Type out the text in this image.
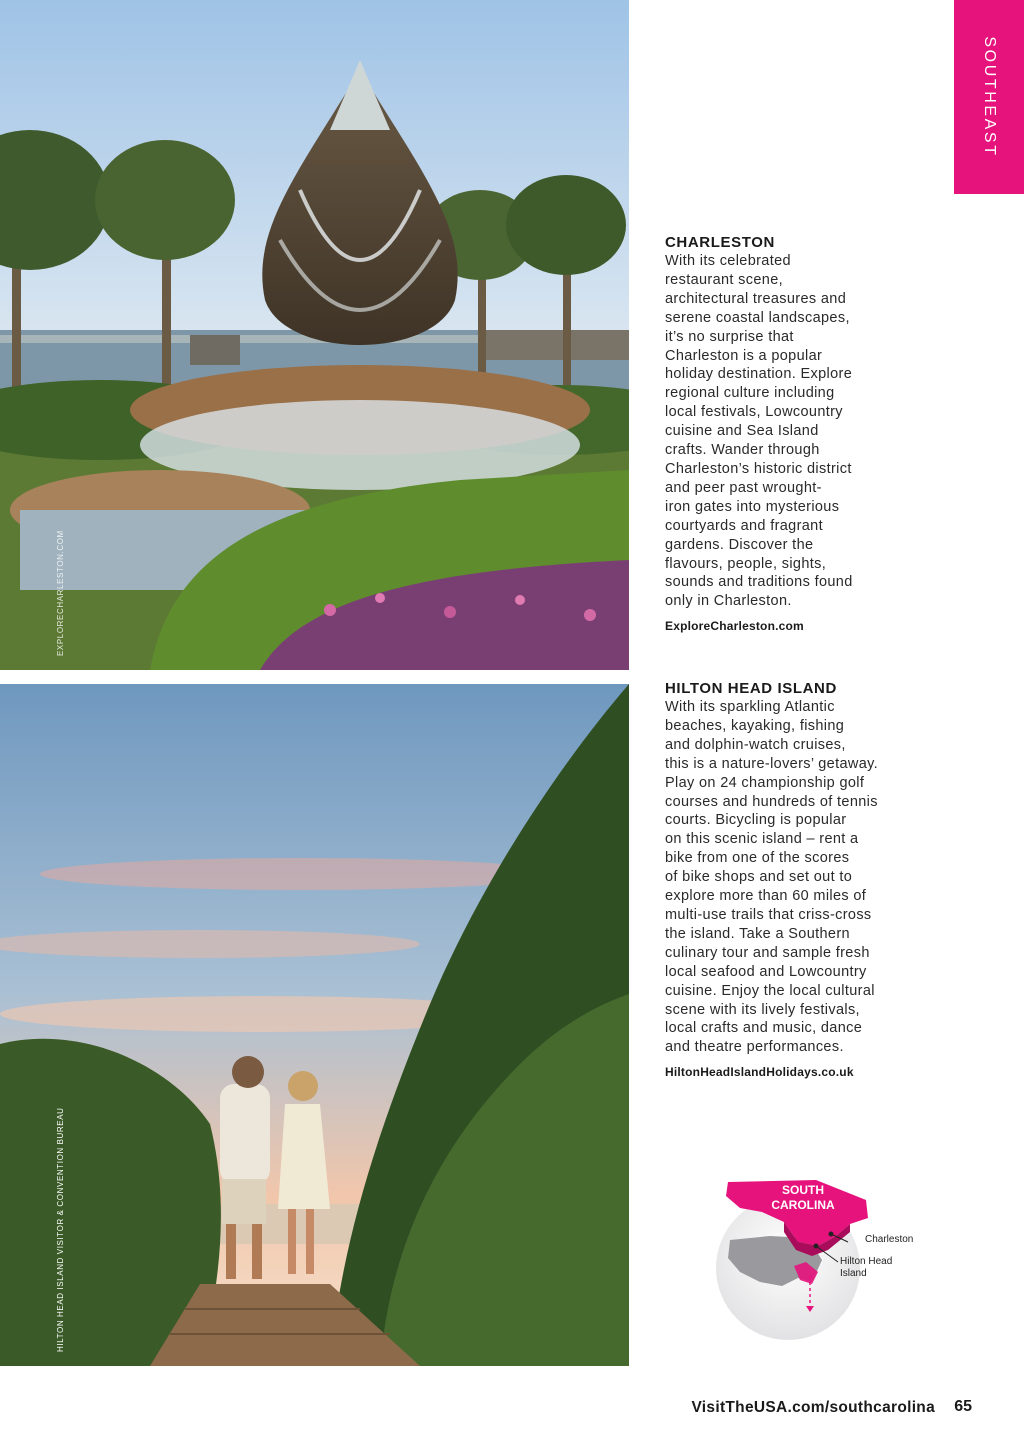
EXPLORECHARLESTON.COM
HILTON HEAD ISLAND VISITOR & CONVENTION BUREAU
SOUTHEAST
CHARLESTON

With its celebrated
restaurant scene,
architectural treasures and
serene coastal landscapes,
it’s no surprise that
Charleston is a popular
holiday destination. Explore
regional culture including
local festivals, Lowcountry
cuisine and Sea Island
crafts. Wander through
Charleston’s historic district
and peer past wrought-
iron gates into mysterious
courtyards and fragrant
gardens. Discover the
flavours, people, sights,
sounds and traditions found
only in Charleston.

ExploreCharleston.com
HILTON HEAD ISLAND

With its sparkling Atlantic
beaches, kayaking, fishing
and dolphin-watch cruises,
this is a nature-lovers’ getaway.
Play on 24 championship golf
courses and hundreds of tennis
courts. Bicycling is popular
on this scenic island – rent a
bike from one of the scores
of bike shops and set out to
explore more than 60 miles of
multi-use trails that criss-cross
the island. Take a Southern
culinary tour and sample fresh
local seafood and Lowcountry
cuisine. Enjoy the local cultural
scene with its lively festivals,
local crafts and music, dance
and theatre performances.

HiltonHeadIslandHolidays.co.uk
SOUTH
CAROLINA
Charleston
Hilton Head
Island
VisitTheUSA.com/southcarolina 65
